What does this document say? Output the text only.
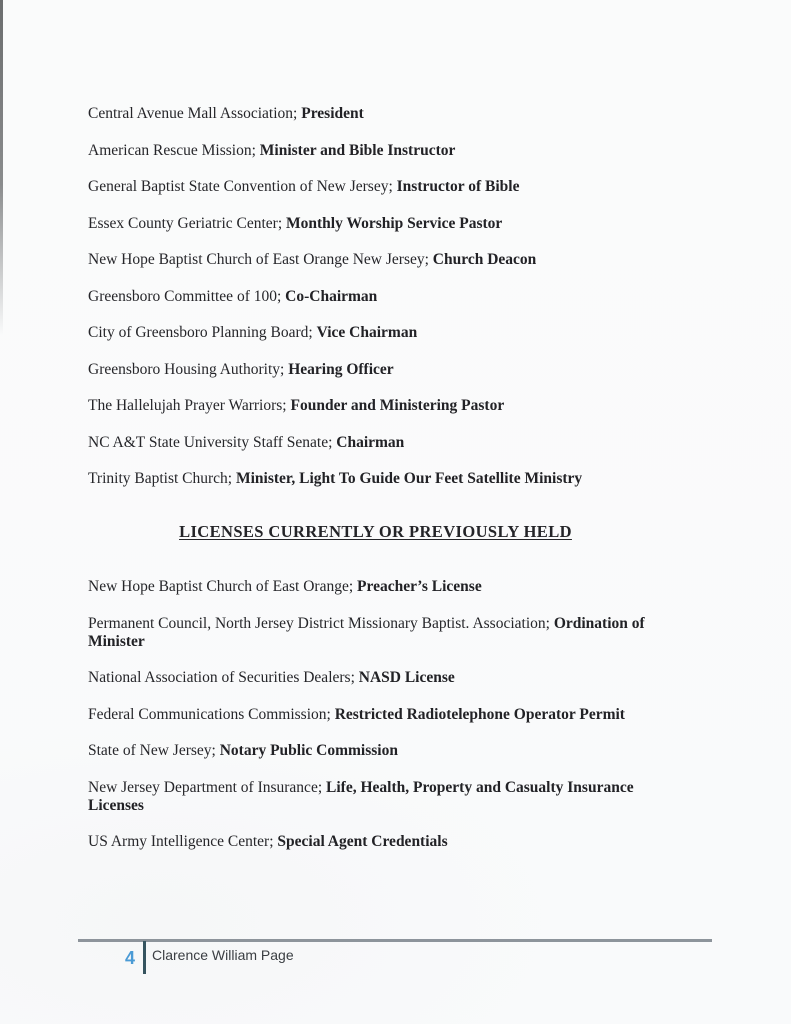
Central Avenue Mall Association; President

American Rescue Mission; Minister and Bible Instructor

General Baptist State Convention of New Jersey; Instructor of Bible

Essex County Geriatric Center; Monthly Worship Service Pastor

New Hope Baptist Church of East Orange New Jersey; Church Deacon

Greensboro Committee of 100; Co-Chairman

City of Greensboro Planning Board; Vice Chairman

Greensboro Housing Authority; Hearing Officer

The Hallelujah Prayer Warriors; Founder and Ministering Pastor

NC A&T State University Staff Senate; Chairman

Trinity Baptist Church; Minister, Light To Guide Our Feet Satellite Ministry

LICENSES CURRENTLY OR PREVIOUSLY HELD

New Hope Baptist Church of East Orange; Preacher’s License

Permanent Council, North Jersey District Missionary Baptist. Association; Ordination of Minister

National Association of Securities Dealers; NASD License

Federal Communications Commission; Restricted Radiotelephone Operator Permit

State of New Jersey; Notary Public Commission

New Jersey Department of Insurance; Life, Health, Property and Casualty Insurance Licenses

US Army Intelligence Center; Special Agent Credentials

4 Clarence William Page
